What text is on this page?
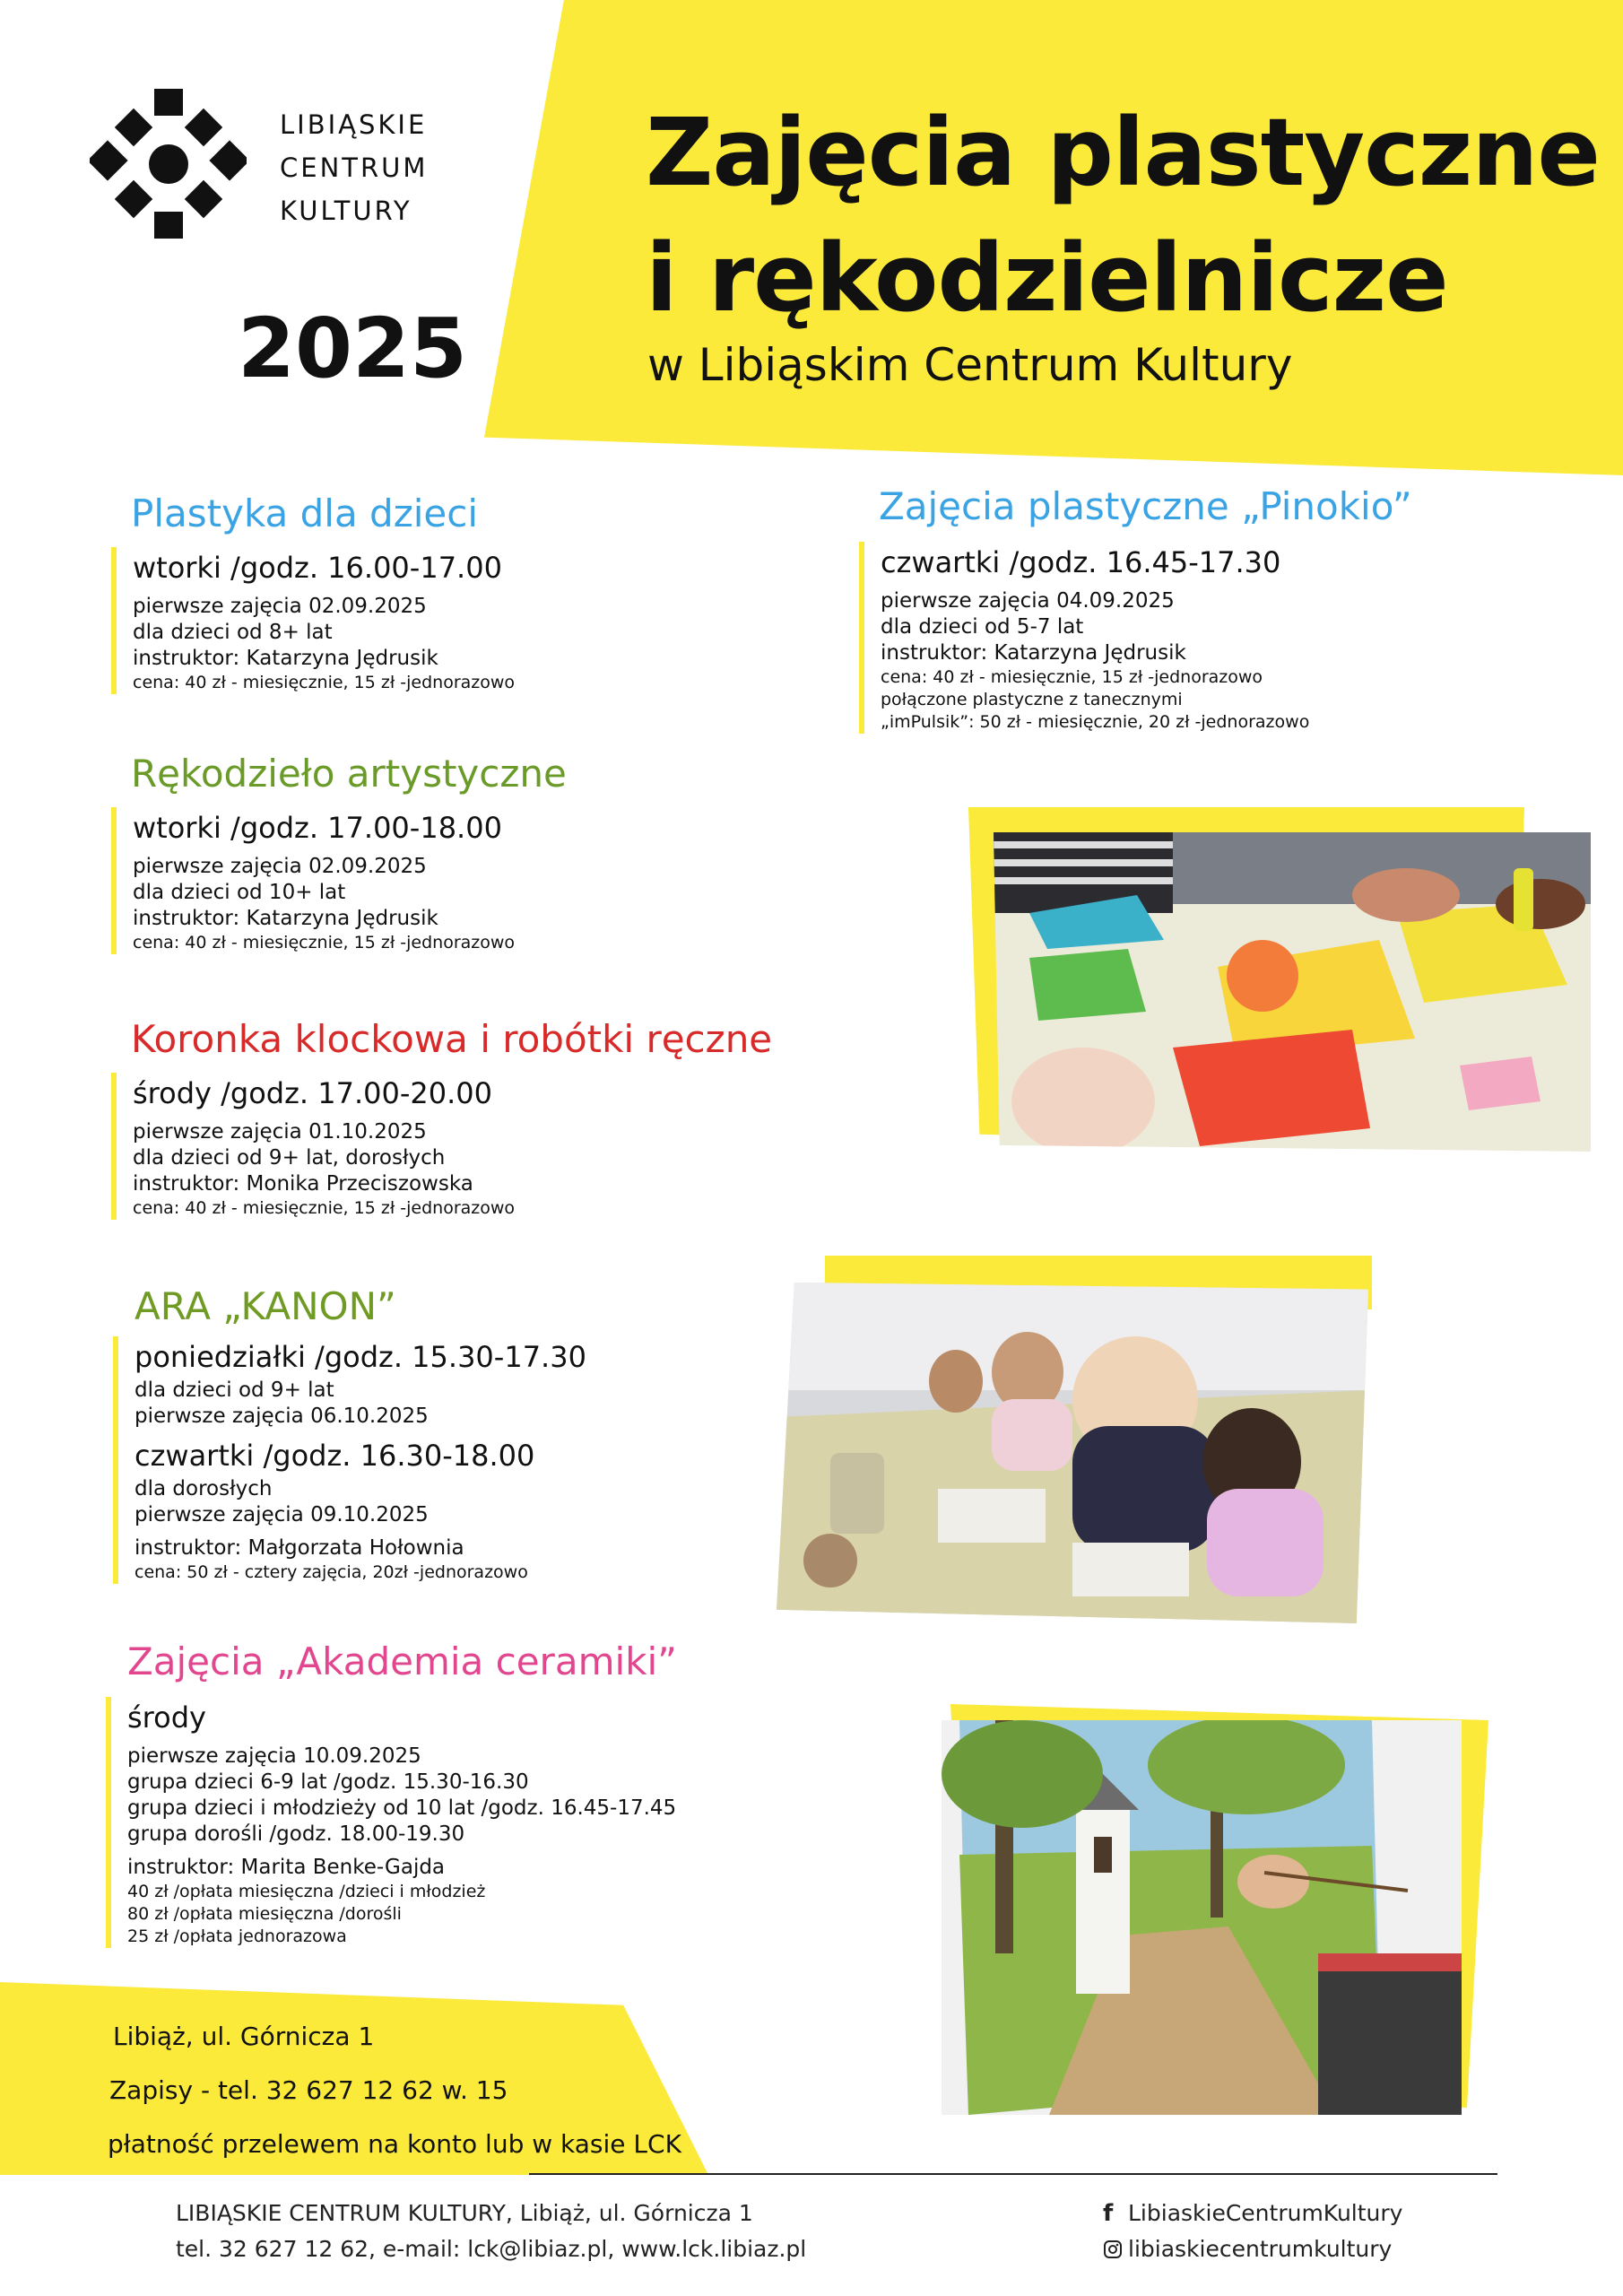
LIBIĄSKIE
CENTRUM
KULTURY
2025
Zajęcia plastyczne
i rękodzielnicze
w Libiąskim Centrum Kultury
Plastyka dla dzieci
wtorki /godz. 16.00-17.00
pierwsze zajęcia 02.09.2025
dla dzieci od 8+ lat
instruktor: Katarzyna Jędrusik
cena: 40 zł - miesięcznie, 15 zł -jednorazowo
Zajęcia plastyczne „Pinokio”
czwartki /godz. 16.45-17.30
pierwsze zajęcia 04.09.2025
dla dzieci od 5-7 lat
instruktor: Katarzyna Jędrusik
cena: 40 zł - miesięcznie, 15 zł -jednorazowo
połączone plastyczne z tanecznymi
„imPulsik”: 50 zł - miesięcznie, 20 zł -jednorazowo
Rękodzieło artystyczne
wtorki /godz. 17.00-18.00
pierwsze zajęcia 02.09.2025
dla dzieci od 10+ lat
instruktor: Katarzyna Jędrusik
cena: 40 zł - miesięcznie, 15 zł -jednorazowo
Koronka klockowa i robótki ręczne
środy /godz. 17.00-20.00
pierwsze zajęcia 01.10.2025
dla dzieci od 9+ lat, dorosłych
instruktor: Monika Przeciszowska
cena: 40 zł - miesięcznie, 15 zł -jednorazowo
ARA „KANON”
poniedziałki /godz. 15.30-17.30
dla dzieci od 9+ lat
pierwsze zajęcia 06.10.2025
czwartki /godz. 16.30-18.00
dla dorosłych
pierwsze zajęcia 09.10.2025
instruktor: Małgorzata Hołownia
cena: 50 zł - cztery zajęcia, 20zł -jednorazowo
Zajęcia „Akademia ceramiki”
środy
pierwsze zajęcia 10.09.2025
grupa dzieci 6-9 lat /godz. 15.30-16.30
grupa dzieci i młodzieży od 10 lat /godz. 16.45-17.45
grupa dorośli /godz. 18.00-19.30
instruktor: Marita Benke-Gajda
40 zł /opłata miesięczna /dzieci i młodzież
80 zł /opłata miesięczna /dorośli
25 zł /opłata jednorazowa
Libiąż, ul. Górnicza 1
Zapisy - tel. 32 627 12 62 w. 15
płatność przelewem na konto lub w kasie LCK
LIBIĄSKIE CENTRUM KULTURY, Libiąż, ul. Górnicza 1
tel. 32 627 12 62, e-mail: lck@libiaz.pl, www.lck.libiaz.pl
f LibiaskieCentrumKultury
libiaskiecentrumkultury
